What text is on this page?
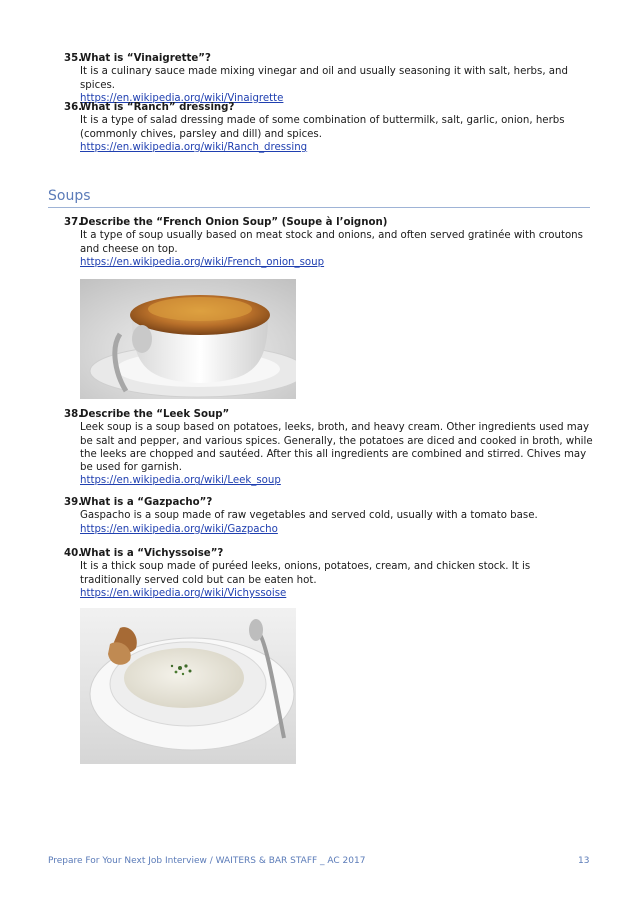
35.What is “Vinaigrette”?
It is a culinary sauce made mixing vinegar and oil and usually seasoning it with salt, herbs, and spices.
https://en.wikipedia.org/wiki/Vinaigrette
36.What is “Ranch” dressing?
It is a type of salad dressing made of some combination of buttermilk, salt, garlic, onion, herbs (commonly chives, parsley and dill) and spices.
https://en.wikipedia.org/wiki/Ranch_dressing
Soups
37.Describe the “French Onion Soup” (Soupe à l’oignon)
It a type of soup usually based on meat stock and onions, and often served gratinée with croutons and cheese on top.
https://en.wikipedia.org/wiki/French_onion_soup
38.Describe the “Leek Soup”
Leek soup is a soup based on potatoes, leeks, broth, and heavy cream. Other ingredients used may be salt and pepper, and various spices. Generally, the potatoes are diced and cooked in broth, while the leeks are chopped and sautéed. After this all ingredients are combined and stirred. Chives may be used for garnish.
https://en.wikipedia.org/wiki/Leek_soup
39.What is a “Gazpacho”?
Gaspacho is a soup made of raw vegetables and served cold, usually with a tomato base.
https://en.wikipedia.org/wiki/Gazpacho
40.What is a “Vichyssoise”?
It is a thick soup made of puréed leeks, onions, potatoes, cream, and chicken stock. It is traditionally served cold but can be eaten hot.
https://en.wikipedia.org/wiki/Vichyssoise
Prepare For Your Next Job Interview / WAITERS & BAR STAFF _ AC 2017	13
